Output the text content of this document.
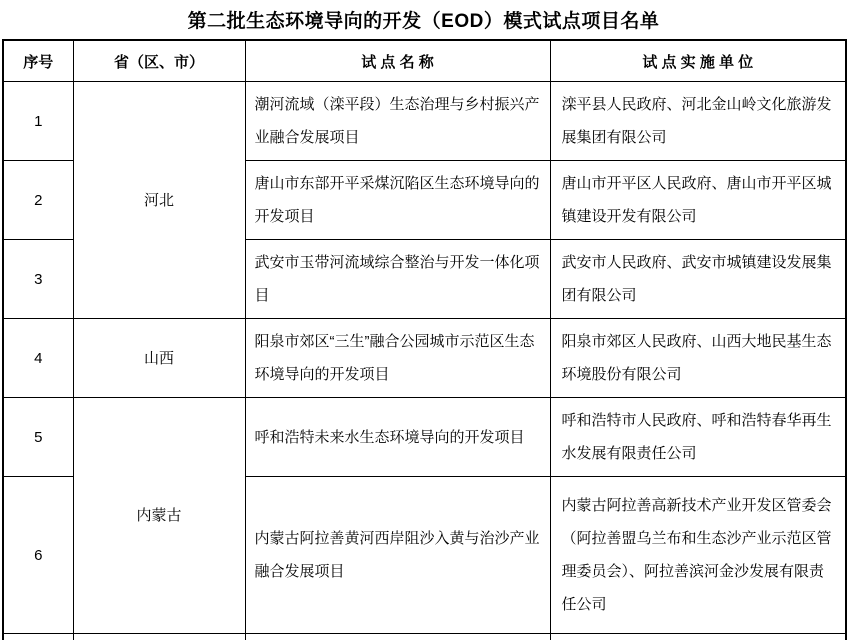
第二批生态环境导向的开发（EOD）模式试点项目名单
序号	省（区、市）	试 点 名 称	试 点 实 施 单 位
1	河北	潮河流域（滦平段）生态治理与乡村振兴产业融合发展项目	滦平县人民政府、河北金山岭文化旅游发展集团有限公司
2		唐山市东部开平采煤沉陷区生态环境导向的开发项目	唐山市开平区人民政府、唐山市开平区城镇建设开发有限公司
3		武安市玉带河流域综合整治与开发一体化项目	武安市人民政府、武安市城镇建设发展集团有限公司
4	山西	阳泉市郊区“三生”融合公园城市示范区生态环境导向的开发项目	阳泉市郊区人民政府、山西大地民基生态环境股份有限公司
5	内蒙古	呼和浩特未来水生态环境导向的开发项目	呼和浩特市人民政府、呼和浩特春华再生水发展有限责任公司
6		内蒙古阿拉善黄河西岸阻沙入黄与治沙产业融合发展项目	内蒙古阿拉善高新技术产业开发区管委会（阿拉善盟乌兰布和生态沙产业示范区管理委员会）、阿拉善滨河金沙发展有限责任公司
